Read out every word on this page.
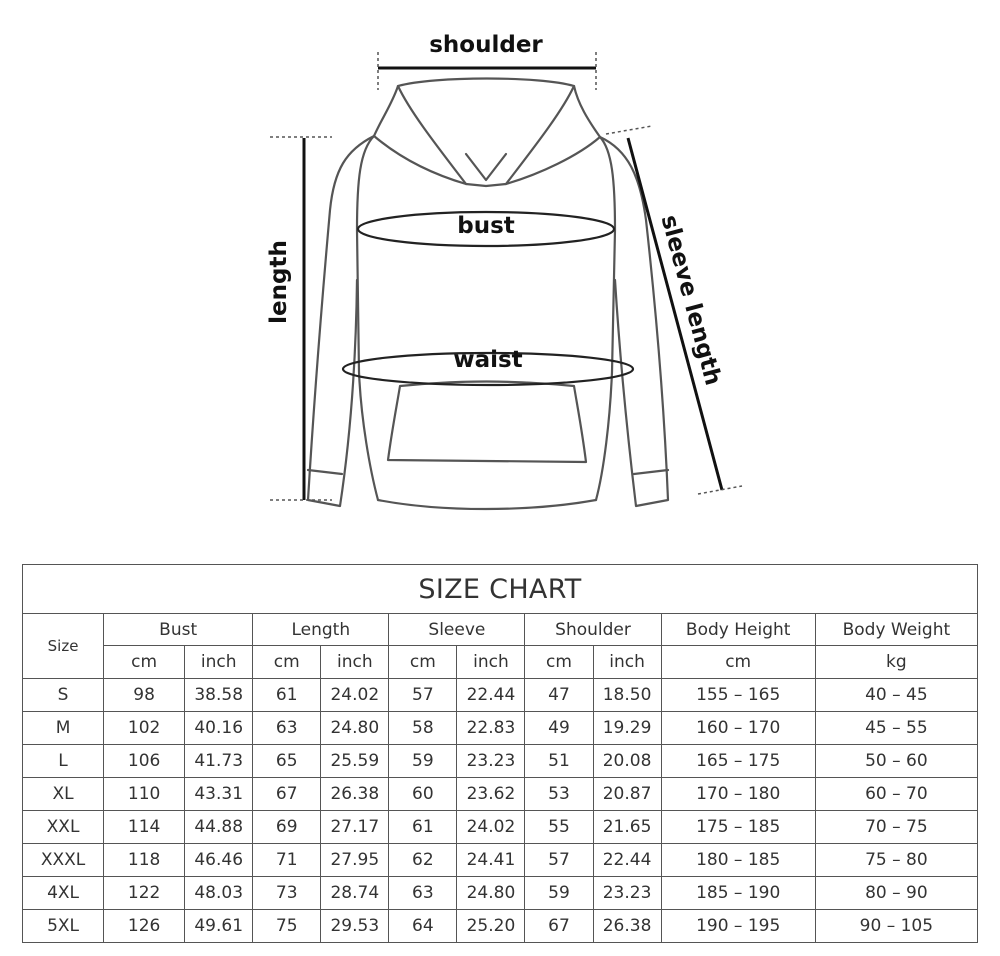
shoulder
length	sleeve length
bust
waist
SIZE CHART										
Size	Bust		Length		Sleeve		Shoulder		Body Height	Body Weight
	cm	inch	cm	inch	cm	inch	cm	inch	cm	kg
S	98	38.58	61	24.02	57	22.44	47	18.50	155 – 165	40 – 45
M	102	40.16	63	24.80	58	22.83	49	19.29	160 – 170	45 – 55
L	106	41.73	65	25.59	59	23.23	51	20.08	165 – 175	50 – 60
XL	110	43.31	67	26.38	60	23.62	53	20.87	170 – 180	60 – 70
XXL	114	44.88	69	27.17	61	24.02	55	21.65	175 – 185	70 – 75
XXXL	118	46.46	71	27.95	62	24.41	57	22.44	180 – 185	75 – 80
4XL	122	48.03	73	28.74	63	24.80	59	23.23	185 – 190	80 – 90
5XL	126	49.61	75	29.53	64	25.20	67	26.38	190 – 195	90 – 105
